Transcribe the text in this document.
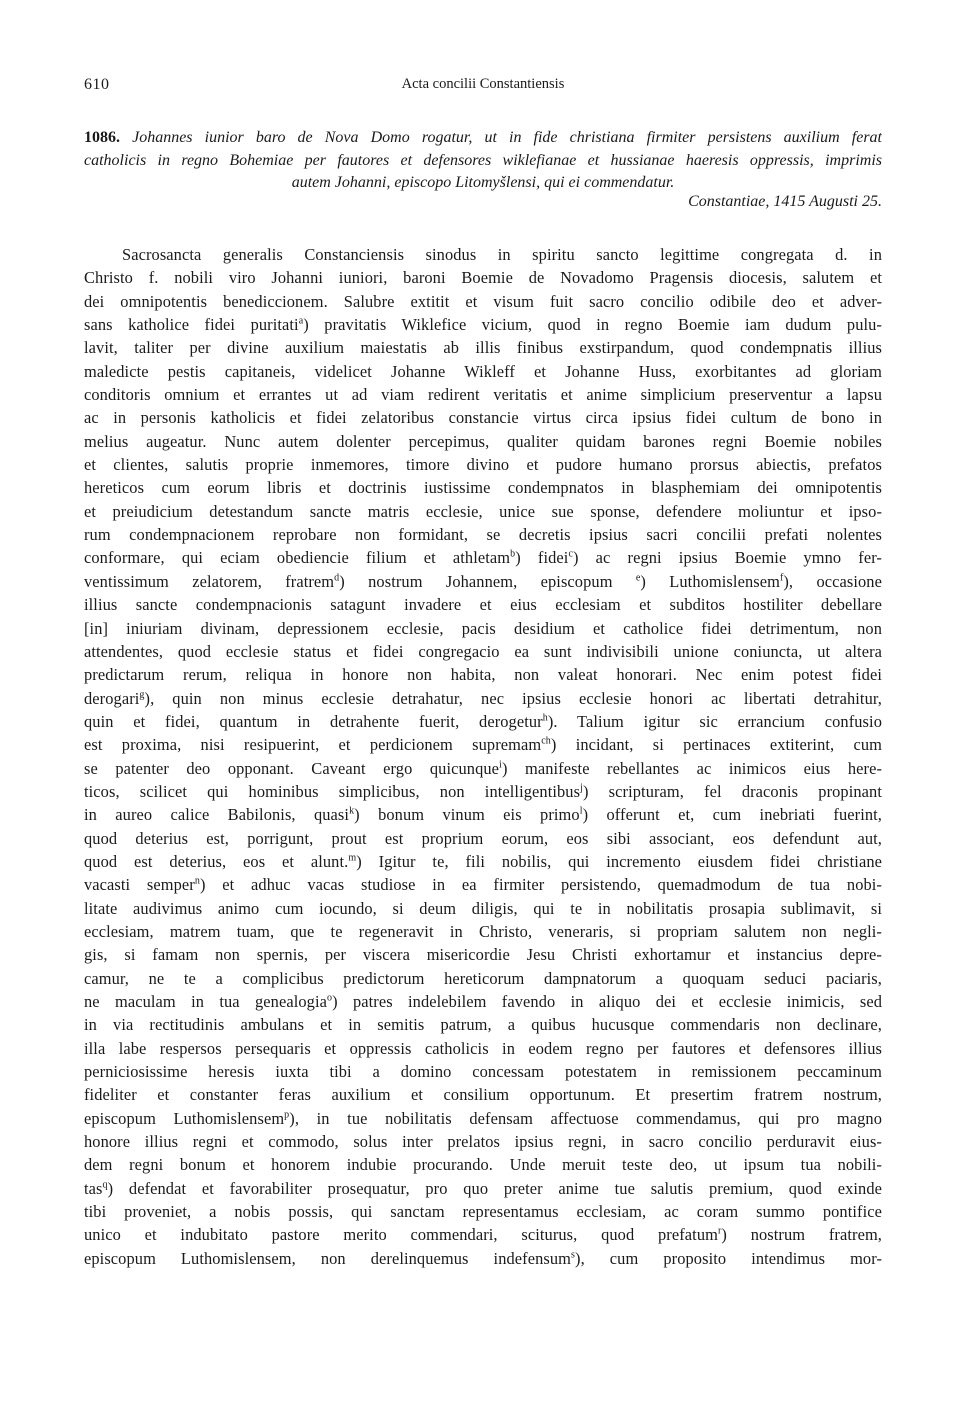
610	Acta concilii Constantiensis
1086. Johannes iunior baro de Nova Domo rogatur, ut in fide christiana firmiter persistens auxilium ferat
catholicis in regno Bohemiae per fautores et defensores wiklefianae et hussianae haeresis oppressis, imprimis
autem Johanni, episcopo Litomyšlensi, qui ei commendatur.
Constantiae, 1415 Augusti 25.
Sacrosancta generalis Constanciensis sinodus in spiritu sancto legittime congregata d. in
Christo f. nobili viro Johanni iuniori, baroni Boemie de Novadomo Pragensis diocesis, salutem et
dei omnipotentis benediccionem. Salubre extitit et visum fuit sacro concilio odibile deo et adver-
sans katholice fidei puritati$^a$) pravitatis Wiklefice vicium, quod in regno Boemie iam dudum pulu-
lavit, taliter per divine auxilium maiestatis ab illis finibus exstirpandum, quod condempnatis illius
maledicte pestis capitaneis, videlicet Johanne Wikleff et Johanne Huss, exorbitantes ad gloriam
conditoris omnium et errantes ut ad viam redirent veritatis et anime simplicium preserventur a lapsu
ac in personis katholicis et fidei zelatoribus constancie virtus circa ipsius fidei cultum de bono in
melius augeatur. Nunc autem dolenter percepimus, qualiter quidam barones regni Boemie nobiles
et clientes, salutis proprie inmemores, timore divino et pudore humano prorsus abiectis, prefatos
hereticos cum eorum libris et doctrinis iustissime condempnatos in blasphemiam dei omnipotentis
et preiudicium detestandum sancte matris ecclesie, unice sue sponse, defendere moliuntur et ipso-
rum condempnacionem reprobare non formidant, se decretis ipsius sacri concilii prefati nolentes
conformare, qui eciam obediencie filium et athletam$^b$) fidei$^c$) ac regni ipsius Boemie ymno fer-
ventissimum zelatorem, fratrem$^d$) nostrum Johannem, episcopum $^e$) Luthomislensem$^f$), occasione
illius sancte condempnacionis satagunt invadere et eius ecclesiam et subditos hostiliter debellare
[in] iniuriam divinam, depressionem ecclesie, pacis desidium et catholice fidei detrimentum, non
attendentes, quod ecclesie status et fidei congregacio ea sunt indivisibili unione coniuncta, ut altera
predictarum rerum, reliqua in honore non habita, non valeat honorari. Nec enim potest fidei
derogari$^g$), quin non minus ecclesie detrahatur, nec ipsius ecclesie honori ac libertati detrahitur,
quin et fidei, quantum in detrahente fuerit, derogetur$^h$). Talium igitur sic errancium confusio
est proxima, nisi resipuerint, et perdicionem supremam$^{ch}$) incidant, si pertinaces extiterint, cum
se patenter deo opponant. Caveant ergo quicunque$^i$) manifeste rebellantes ac inimicos eius here-
ticos, scilicet qui hominibus simplicibus, non intelligentibus$^j$) scripturam, fel draconis propinant
in aureo calice Babilonis, quasi$^k$) bonum vinum eis primo$^l$) offerunt et, cum inebriati fuerint,
quod deterius est, porrigunt, prout est proprium eorum, eos sibi associant, eos defendunt aut,
quod est deterius, eos et alunt.$^m$) Igitur te, fili nobilis, qui incremento eiusdem fidei christiane
vacasti semper$^n$) et adhuc vacas studiose in ea firmiter persistendo, quemadmodum de tua nobi-
litate audivimus animo cum iocundo, si deum diligis, qui te in nobilitatis prosapia sublimavit, si
ecclesiam, matrem tuam, que te regeneravit in Christo, veneraris, si propriam salutem non negli-
gis, si famam non spernis, per viscera misericordie Jesu Christi exhortamur et instancius depre-
camur, ne te a complicibus predictorum hereticorum dampnatorum a quoquam seduci paciaris,
ne maculam in tua genealogia$^o$) patres indelebilem favendo in aliquo dei et ecclesie inimicis, sed
in via rectitudinis ambulans et in semitis patrum, a quibus hucusque commendaris non declinare,
illa labe respersos persequaris et oppressis catholicis in eodem regno per fautores et defensores illius
perniciosissime heresis iuxta tibi a domino concessam potestatem in remissionem peccaminum
fideliter et constanter feras auxilium et consilium opportunum. Et presertim fratrem nostrum,
episcopum Luthomislensem$^p$), in tue nobilitatis defensam affectuose commendamus, qui pro magno
honore illius regni et commodo, solus inter prelatos ipsius regni, in sacro concilio perduravit eius-
dem regni bonum et honorem indubie procurando. Unde meruit teste deo, ut ipsum tua nobili-
tas$^q$) defendat et favorabiliter prosequatur, pro quo preter anime tue salutis premium, quod exinde
tibi proveniet, a nobis possis, qui sanctam representamus ecclesiam, ac coram summo pontifice
unico et indubitato pastore merito commendari, sciturus, quod prefatum$^r$) nostrum fratrem,
episcopum Luthomislensem, non derelinquemus indefensum$^s$), cum proposito intendimus mor-
